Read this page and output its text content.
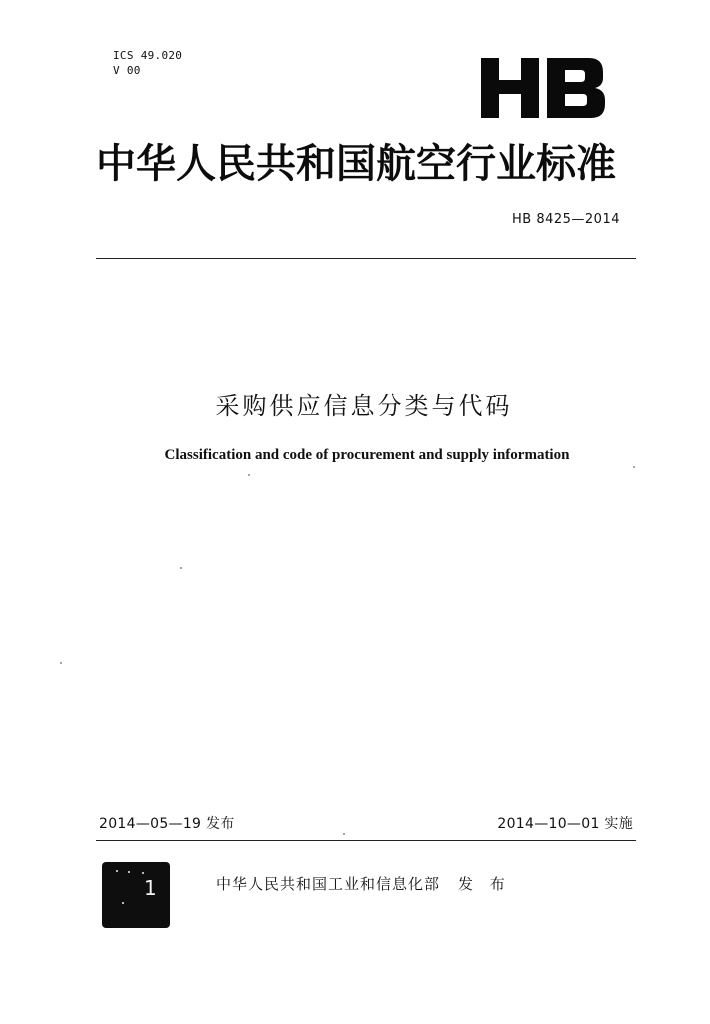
ICS 49.020
V 00
中华人民共和国航空行业标准
HB 8425—2014
采购供应信息分类与代码
Classification and code of procurement and supply information
2014—05—19 发布	2014—10—01 实施
1	中华人民共和国工业和信息化部 发 布
